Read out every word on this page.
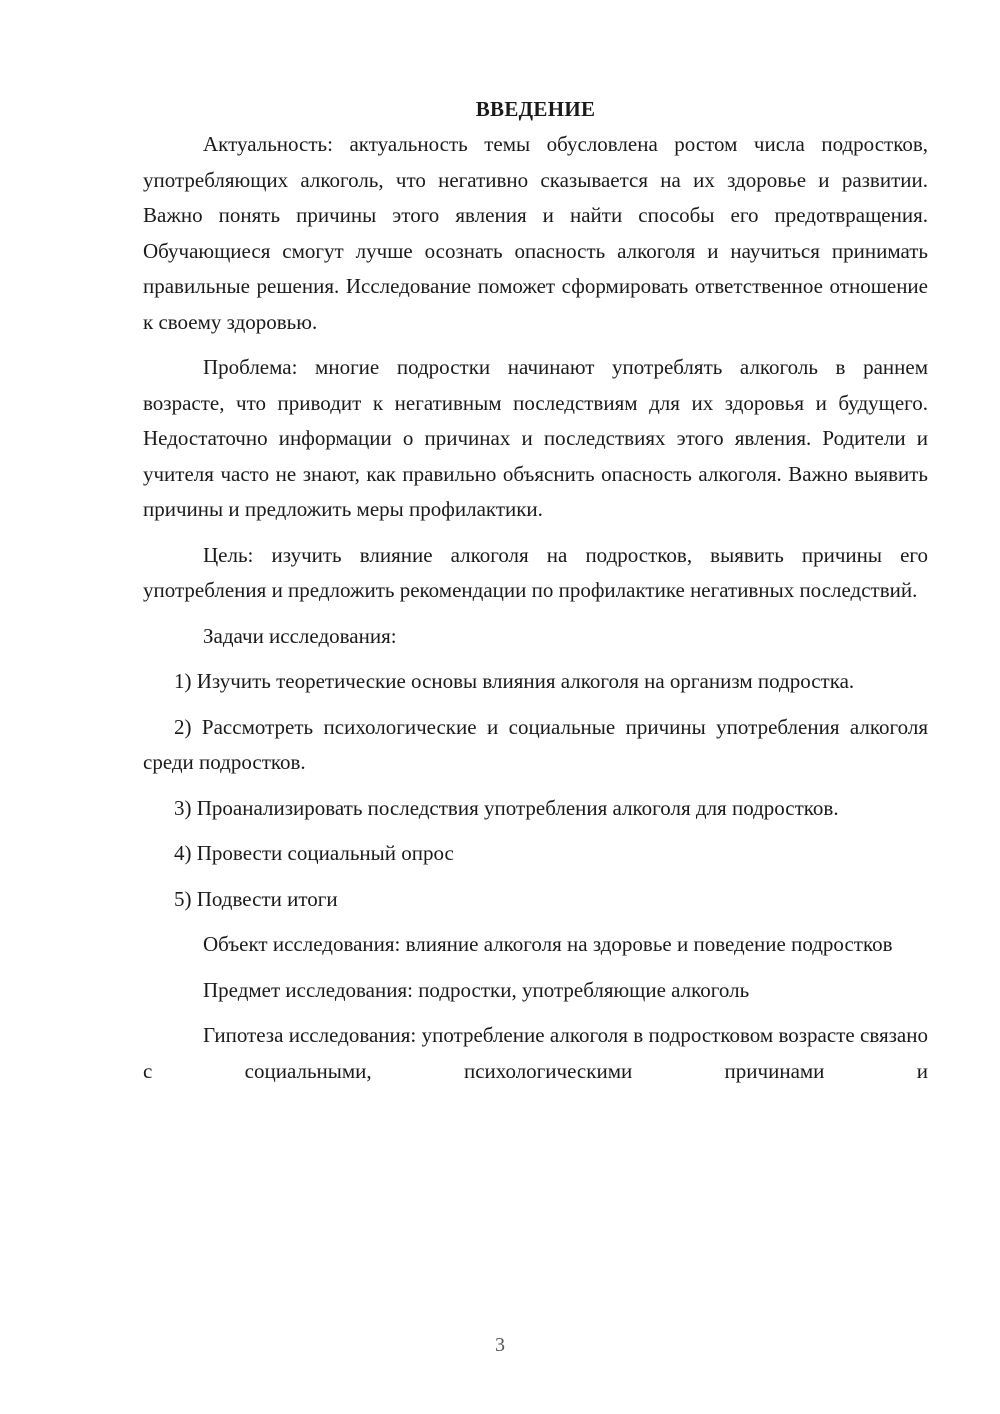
ВВЕДЕНИЕ

Актуальность: актуальность темы обусловлена ростом числа подростков, употребляющих алкоголь, что негативно сказывается на их здоровье и развитии. Важно понять причины этого явления и найти способы его предотвращения. Обучающиеся смогут лучше осознать опасность алкоголя и научиться принимать правильные решения. Исследование поможет сформировать ответственное отношение к своему здоровью.

Проблема: многие подростки начинают употреблять алкоголь в раннем возрасте, что приводит к негативным последствиям для их здоровья и будущего. Недостаточно информации о причинах и последствиях этого явления. Родители и учителя часто не знают, как правильно объяснить опасность алкоголя. Важно выявить причины и предложить меры профилактики.

Цель: изучить влияние алкоголя на подростков, выявить причины его употребления и предложить рекомендации по профилактике негативных последствий.

Задачи исследования:

1) Изучить теоретические основы влияния алкоголя на организм подростка.

2) Рассмотреть психологические и социальные причины употребления алкоголя среди подростков.

3) Проанализировать последствия употребления алкоголя для подростков.

4) Провести социальный опрос

5) Подвести итоги

Объект исследования: влияние алкоголя на здоровье и поведение подростков

Предмет исследования: подростки, употребляющие алкоголь

Гипотеза исследования: употребление алкоголя в подростковом возрасте связано с социальными, психологическими причинами и

3
